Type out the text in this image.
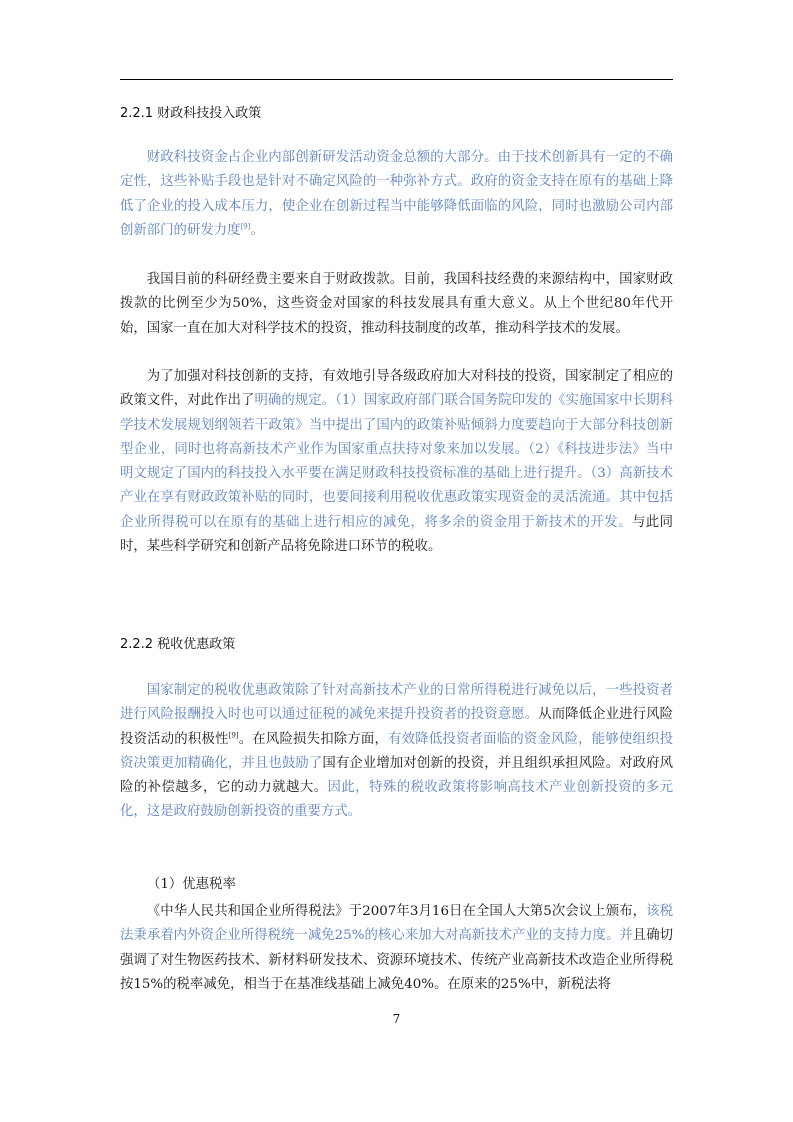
2.2.1 财政科技投入政策

财政科技资金占企业内部创新研发活动资金总额的大部分。由于技术创新具有一定的不确定性，这些补贴手段也是针对不确定风险的一种弥补方式。政府的资金支持在原有的基础上降低了企业的投入成本压力，使企业在创新过程当中能够降低面临的风险，同时也激励公司内部创新部门的研发力度[9]。

我国目前的科研经费主要来自于财政拨款。目前，我国科技经费的来源结构中，国家财政拨款的比例至少为50%，这些资金对国家的科技发展具有重大意义。从上个世纪80年代开始，国家一直在加大对科学技术的投资，推动科技制度的改革，推动科学技术的发展。

为了加强对科技创新的支持，有效地引导各级政府加大对科技的投资，国家制定了相应的政策文件，对此作出了明确的规定。（1）国家政府部门联合国务院印发的《实施国家中长期科学技术发展规划纲领若干政策》当中提出了国内的政策补贴倾斜力度要趋向于大部分科技创新型企业，同时也将高新技术产业作为国家重点扶持对象来加以发展。（2）《科技进步法》当中明文规定了国内的科技投入水平要在满足财政科技投资标准的基础上进行提升。（3）高新技术产业在享有财政政策补贴的同时，也要间接利用税收优惠政策实现资金的灵活流通。其中包括企业所得税可以在原有的基础上进行相应的减免，将多余的资金用于新技术的开发。与此同时，某些科学研究和创新产品将免除进口环节的税收。

2.2.2 税收优惠政策

国家制定的税收优惠政策除了针对高新技术产业的日常所得税进行减免以后，一些投资者进行风险报酬投入时也可以通过征税的减免来提升投资者的投资意愿。从而降低企业进行风险投资活动的积极性[9]。在风险损失扣除方面，有效降低投资者面临的资金风险，能够使组织投资决策更加精确化，并且也鼓励了国有企业增加对创新的投资，并且组织承担风险。对政府风险的补偿越多，它的动力就越大。因此，特殊的税收政策将影响高技术产业创新投资的多元化，这是政府鼓励创新投资的重要方式。

（1）优惠税率

《中华人民共和国企业所得税法》于2007年3月16日在全国人大第5次会议上颁布，该税法秉承着内外资企业所得税统一减免25%的核心来加大对高新技术产业的支持力度。并且确切强调了对生物医药技术、新材料研发技术、资源环境技术、传统产业高新技术改造企业所得税按15%的税率减免，相当于在基准线基础上减免40%。在原来的25%中，新税法将

7
